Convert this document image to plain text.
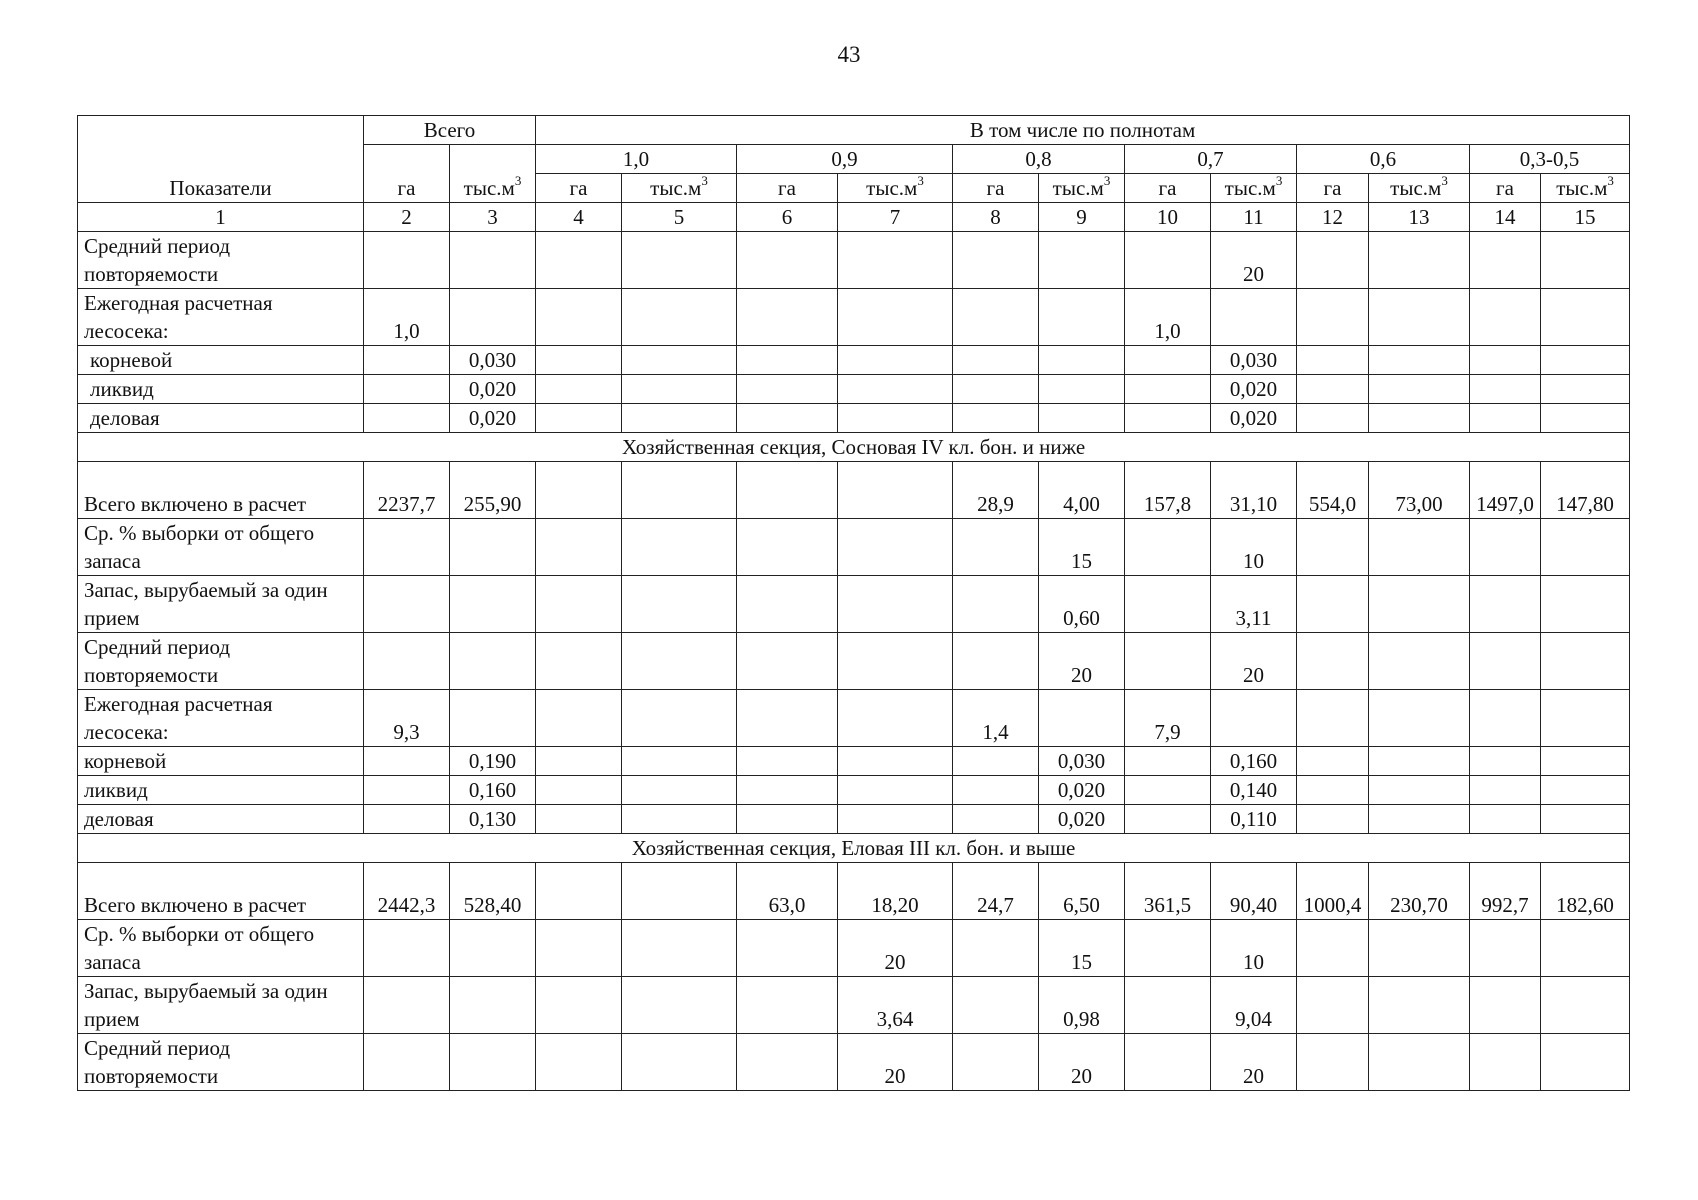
43
Показатели	Всего		В том числе по полнотам											
	га	$тыс.м^3$	1,0		0,9		0,8		0,7		0,6		0,3-0,5	
			га	$тыс.м^3$	га	$тыс.м^3$	га	$тыс.м^3$	га	$тыс.м^3$	га	$тыс.м^3$	га	$тыс.м^3$
1	2	3	4	5	6	7	8	9	10	11	12	13	14	15
Средний период повторяемости										20				
Ежегодная расчетная лесосека:	1,0								1,0					
корневой		0,030								0,030				
ликвид		0,020								0,020				
деловая		0,020								0,020				
Хозяйственная секция, Сосновая IV кл. бон. и ниже														
Всего включено в расчет	2237,7	255,90					28,9	4,00	157,8	31,10	554,0	73,00	1497,0	147,80
Ср. % выборки от общего запаса								15		10				
Запас, вырубаемый за один прием								0,60		3,11				
Средний период повторяемости								20		20				
Ежегодная расчетная лесосека:	9,3						1,4		7,9					
корневой		0,190						0,030		0,160				
ликвид		0,160						0,020		0,140				
деловая		0,130						0,020		0,110				
Хозяйственная секция, Еловая III кл. бон. и выше														
Всего включено в расчет	2442,3	528,40			63,0	18,20	24,7	6,50	361,5	90,40	1000,4	230,70	992,7	182,60
Ср. % выборки от общего запаса						20		15		10				
Запас, вырубаемый за один прием						3,64		0,98		9,04				
Средний период повторяемости						20		20		20				
